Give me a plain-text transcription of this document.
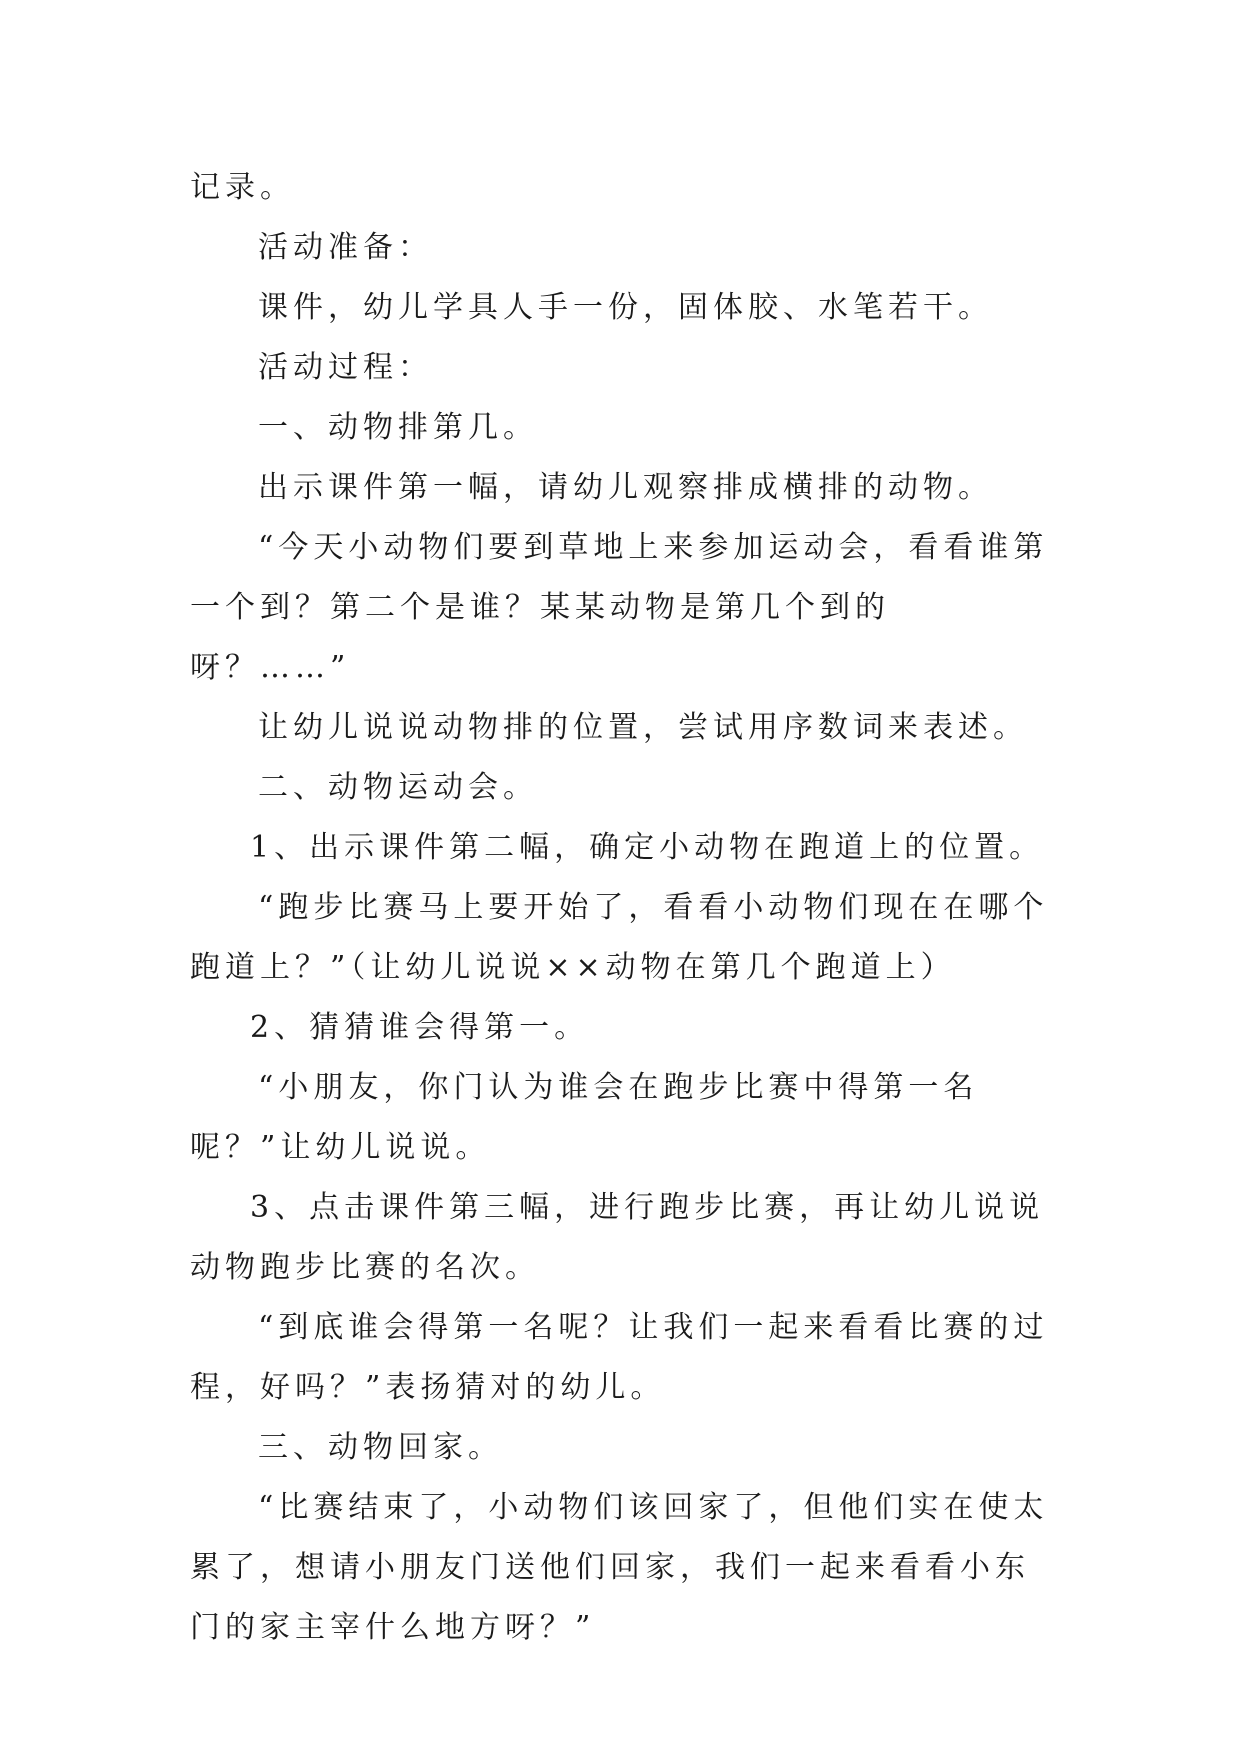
记录。

活动准备：

课件，幼儿学具人手一份，固体胶、水笔若干。

活动过程：

一、动物排第几。

出示课件第一幅，请幼儿观察排成横排的动物。

“今天小动物们要到草地上来参加运动会，看看谁第一个到？第二个是谁？某某动物是第几个到的呀？……”

让幼儿说说动物排的位置，尝试用序数词来表述。

二、动物运动会。

1、出示课件第二幅，确定小动物在跑道上的位置。

“跑步比赛马上要开始了，看看小动物们现在在哪个跑道上？”（让幼儿说说××动物在第几个跑道上）

2、猜猜谁会得第一。

“小朋友，你门认为谁会在跑步比赛中得第一名呢？”让幼儿说说。

3、点击课件第三幅，进行跑步比赛，再让幼儿说说动物跑步比赛的名次。

“到底谁会得第一名呢？让我们一起来看看比赛的过程，好吗？”表扬猜对的幼儿。

三、动物回家。

“比赛结束了，小动物们该回家了，但他们实在使太累了，想请小朋友门送他们回家，我们一起来看看小东门的家主宰什么地方呀？”
